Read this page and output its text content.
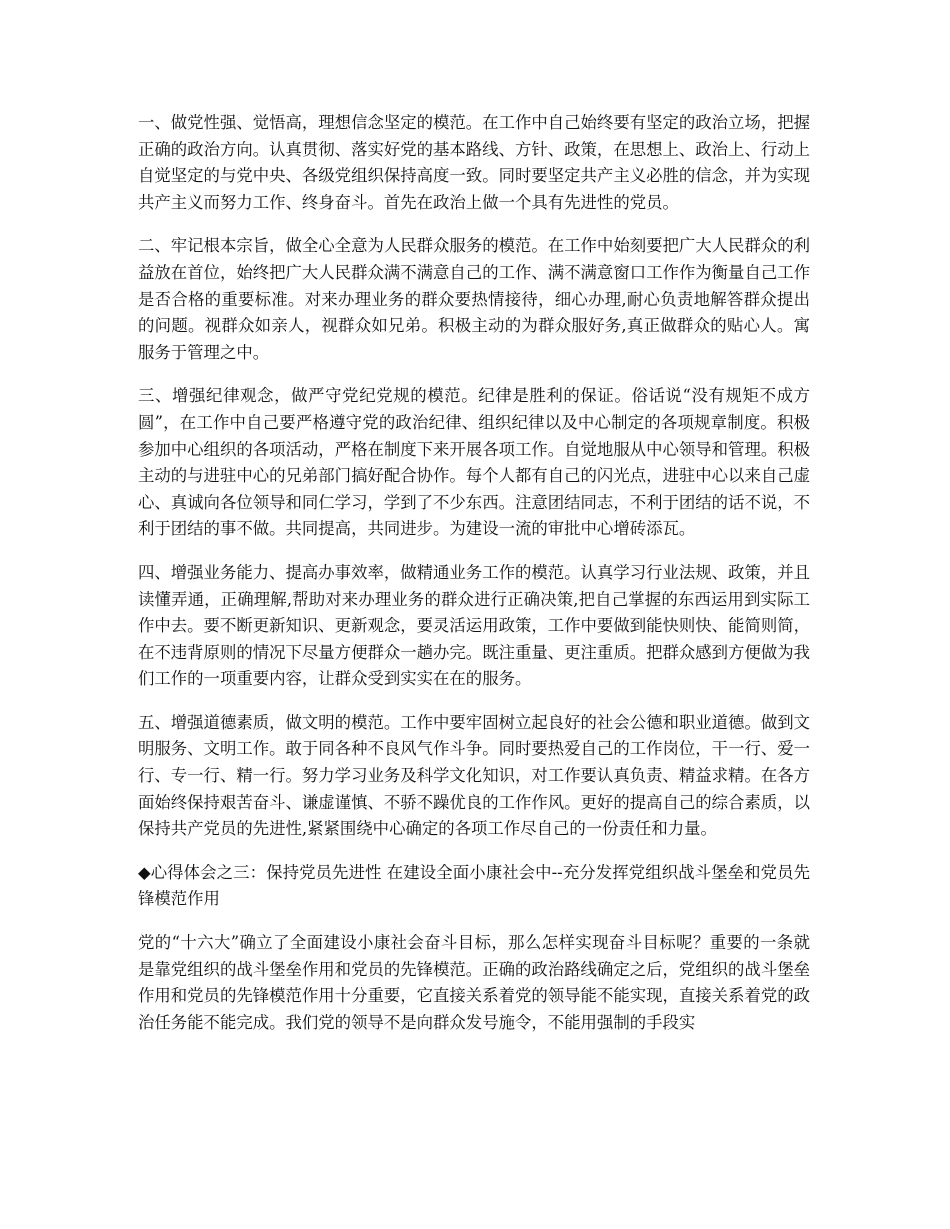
一、做党性强、觉悟高，理想信念坚定的模范。在工作中自己始终要有坚定的政治立场，把握正确的政治方向。认真贯彻、落实好党的基本路线、方针、政策，在思想上、政治上、行动上自觉坚定的与党中央、各级党组织保持高度一致。同时要坚定共产主义必胜的信念，并为实现共产主义而努力工作、终身奋斗。首先在政治上做一个具有先进性的党员。

二、牢记根本宗旨，做全心全意为人民群众服务的模范。在工作中始刻要把广大人民群众的利益放在首位，始终把广大人民群众满不满意自己的工作、满不满意窗口工作作为衡量自己工作是否合格的重要标准。对来办理业务的群众要热情接待，细心办理,耐心负责地解答群众提出的问题。视群众如亲人，视群众如兄弟。积极主动的为群众服好务,真正做群众的贴心人。寓服务于管理之中。

三、增强纪律观念，做严守党纪党规的模范。纪律是胜利的保证。俗话说“没有规矩不成方圆”，在工作中自己要严格遵守党的政治纪律、组织纪律以及中心制定的各项规章制度。积极参加中心组织的各项活动，严格在制度下来开展各项工作。自觉地服从中心领导和管理。积极主动的与进驻中心的兄弟部门搞好配合协作。每个人都有自己的闪光点，进驻中心以来自己虚心、真诚向各位领导和同仁学习，学到了不少东西。注意团结同志，不利于团结的话不说，不利于团结的事不做。共同提高，共同进步。为建设一流的审批中心增砖添瓦。

四、增强业务能力、提高办事效率，做精通业务工作的模范。认真学习行业法规、政策，并且读懂弄通，正确理解,帮助对来办理业务的群众进行正确决策,把自己掌握的东西运用到实际工作中去。要不断更新知识、更新观念，要灵活运用政策，工作中要做到能快则快、能简则简，在不违背原则的情况下尽量方便群众一趟办完。既注重量、更注重质。把群众感到方便做为我们工作的一项重要内容，让群众受到实实在在的服务。

五、增强道德素质，做文明的模范。工作中要牢固树立起良好的社会公德和职业道德。做到文明服务、文明工作。敢于同各种不良风气作斗争。同时要热爱自己的工作岗位，干一行、爱一行、专一行、精一行。努力学习业务及科学文化知识，对工作要认真负责、精益求精。在各方面始终保持艰苦奋斗、谦虚谨慎、不骄不躁优良的工作作风。更好的提高自己的综合素质，以保持共产党员的先进性,紧紧围绕中心确定的各项工作尽自己的一份责任和力量。

◆心得体会之三：保持党员先进性 在建设全面小康社会中--充分发挥党组织战斗堡垒和党员先锋模范作用

党的“十六大”确立了全面建设小康社会奋斗目标，那么怎样实现奋斗目标呢？重要的一条就是靠党组织的战斗堡垒作用和党员的先锋模范。正确的政治路线确定之后，党组织的战斗堡垒作用和党员的先锋模范作用十分重要，它直接关系着党的领导能不能实现，直接关系着党的政治任务能不能完成。我们党的领导不是向群众发号施令，不能用强制的手段实
